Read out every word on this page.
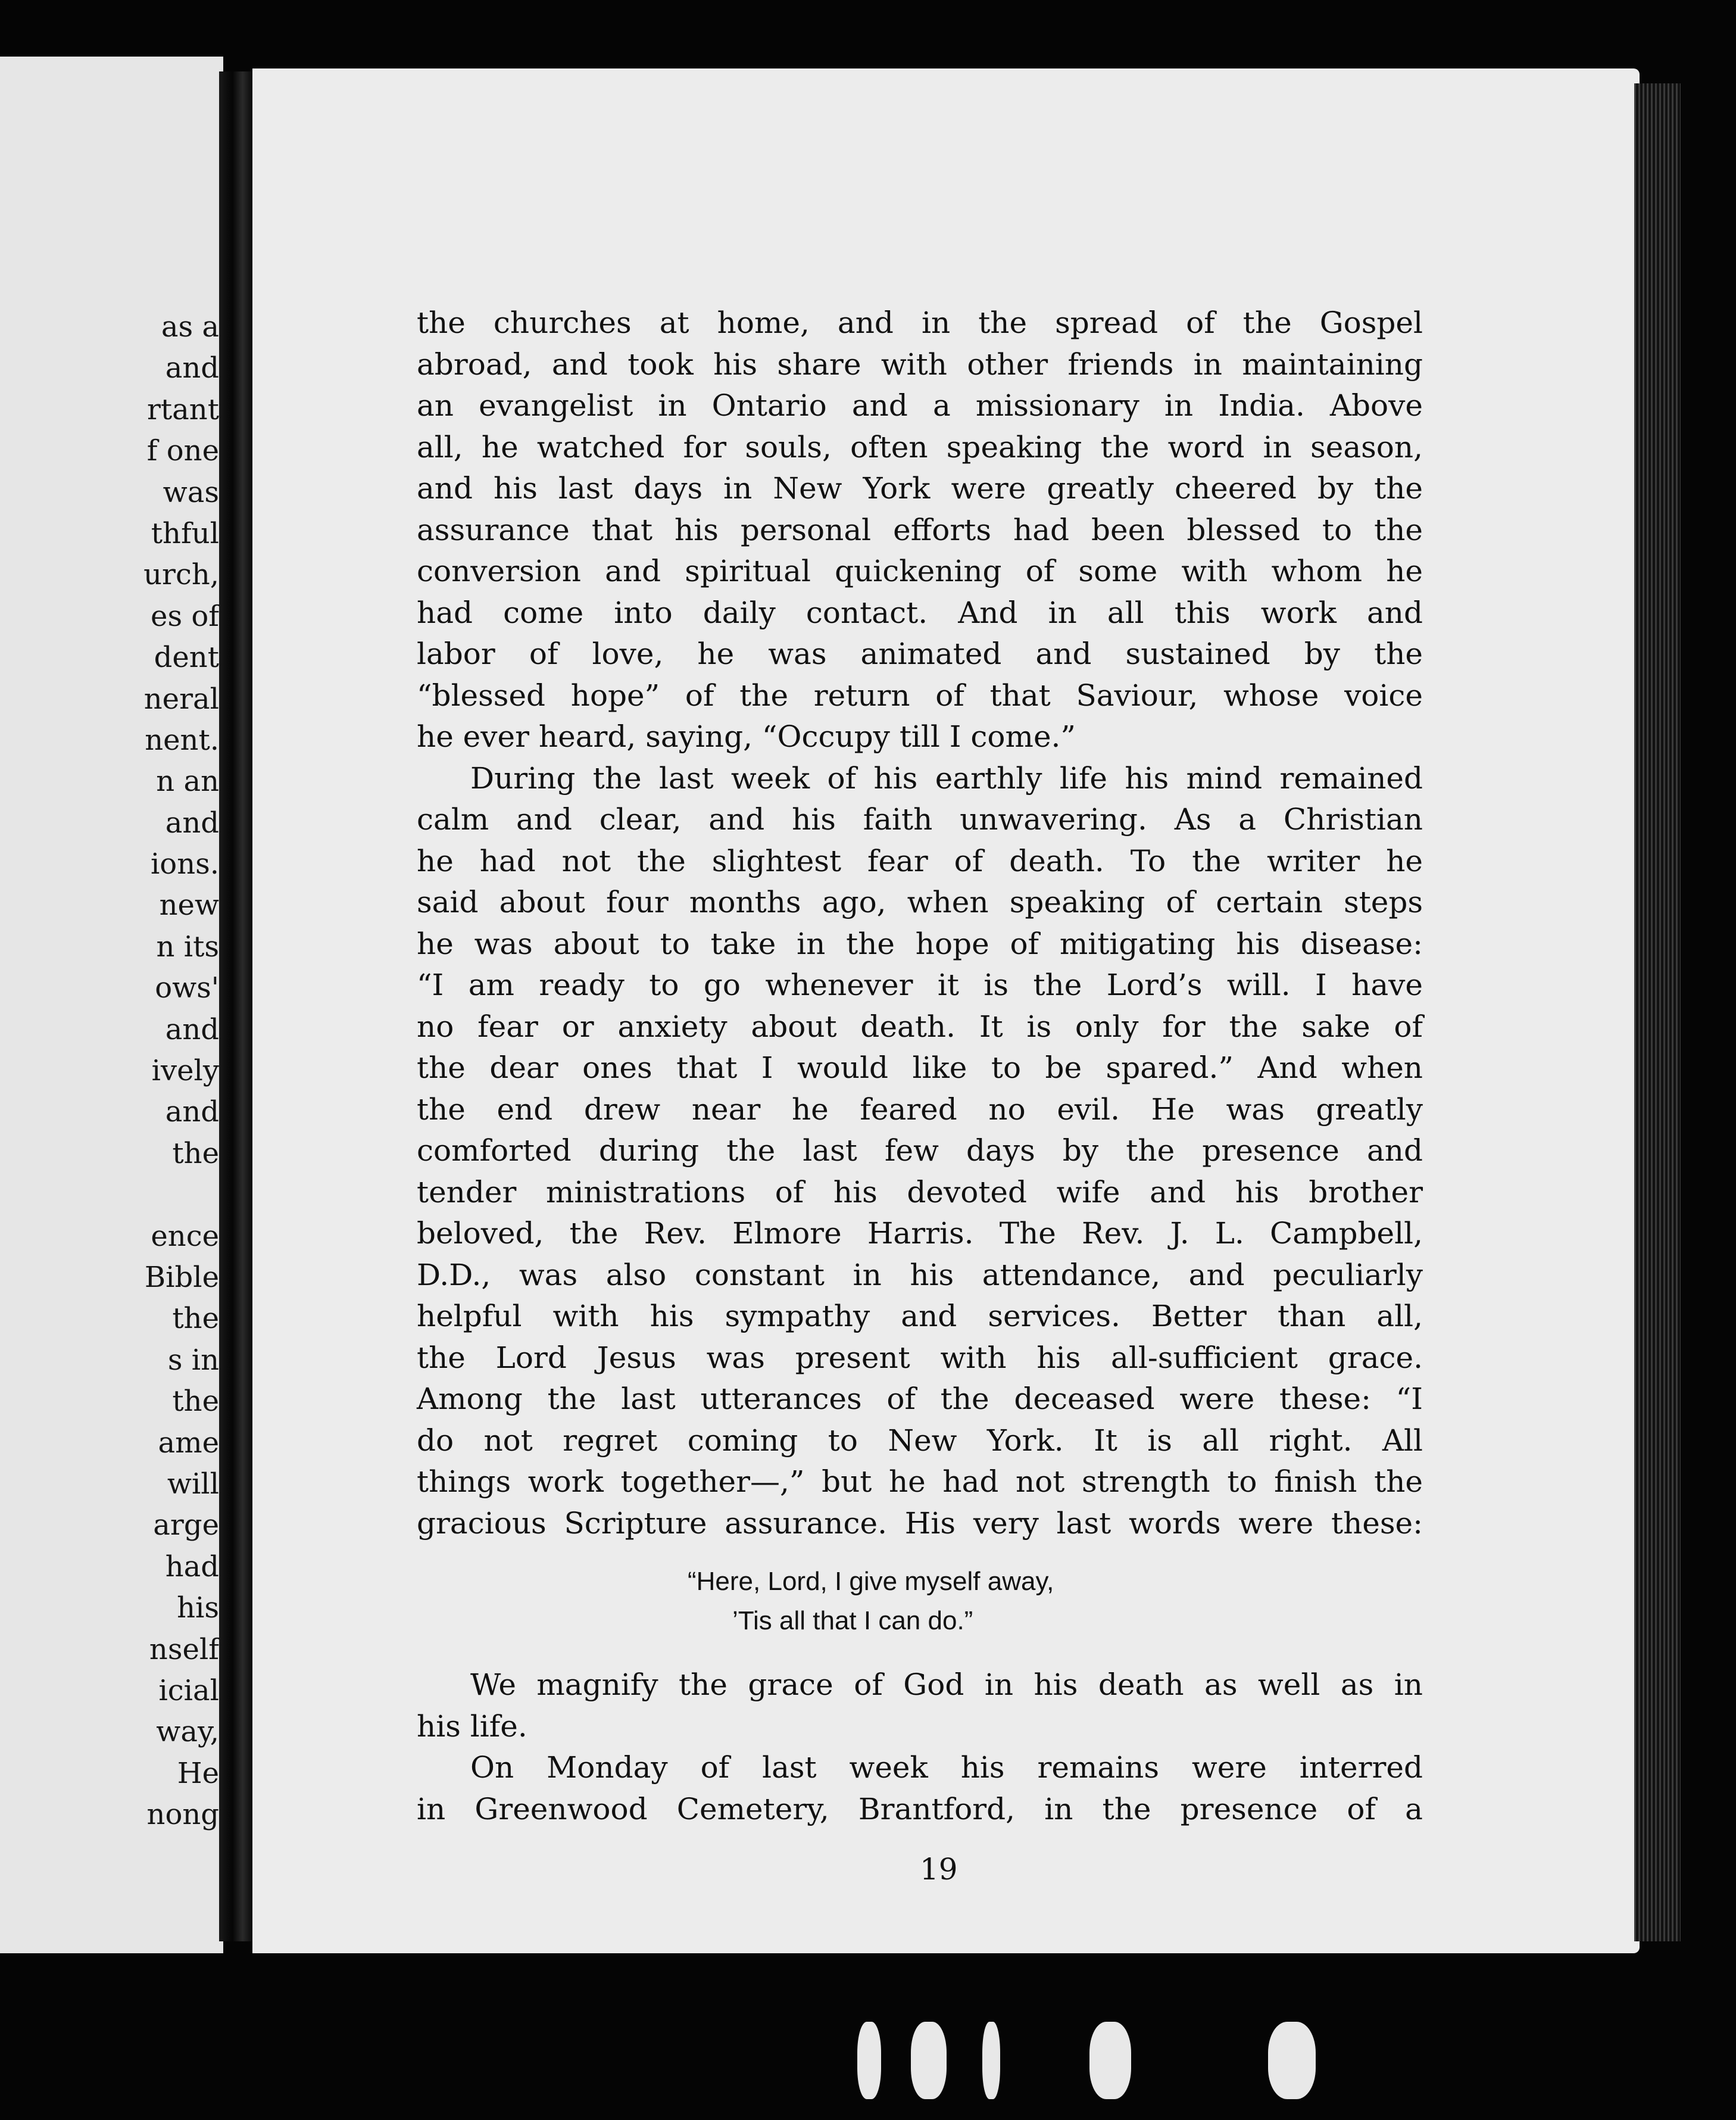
as a
and
rtant
f one
was
thful
urch,
es of
dent
neral
nent.
n an
and
ions.
new
n its
ows'
and
ively
and
the
ence
Bible
the
s in
the
ame
will
arge
had
his
nself
icial
way,
He
nong
the churches at home, and in the spread of the Gospel
abroad, and took his share with other friends in maintaining
an evangelist in Ontario and a missionary in India. Above
all, he watched for souls, often speaking the word in season,
and his last days in New York were greatly cheered by the
assurance that his personal efforts had been blessed to the
conversion and spiritual quickening of some with whom he
had come into daily contact. And in all this work and
labor of love, he was animated and sustained by the
“blessed hope” of the return of that Saviour, whose voice
he ever heard, saying, “Occupy till I come.”
During the last week of his earthly life his mind remained
calm and clear, and his faith unwavering. As a Christian
he had not the slightest fear of death. To the writer he
said about four months ago, when speaking of certain steps
he was about to take in the hope of mitigating his disease:
“I am ready to go whenever it is the Lord’s will. I have
no fear or anxiety about death. It is only for the sake of
the dear ones that I would like to be spared.” And when
the end drew near he feared no evil. He was greatly
comforted during the last few days by the presence and
tender ministrations of his devoted wife and his brother
beloved, the Rev. Elmore Harris. The Rev. J. L. Campbell,
D.D., was also constant in his attendance, and peculiarly
helpful with his sympathy and services. Better than all,
the Lord Jesus was present with his all-sufficient grace.
Among the last utterances of the deceased were these: “I
do not regret coming to New York. It is all right. All
things work together—,” but he had not strength to finish the
gracious Scripture assurance. His very last words were these:
“Here, Lord, I give myself away,
’Tis all that I can do.”
We magnify the grace of God in his death as well as in
his life.
On Monday of last week his remains were interred
in Greenwood Cemetery, Brantford, in the presence of a
19
